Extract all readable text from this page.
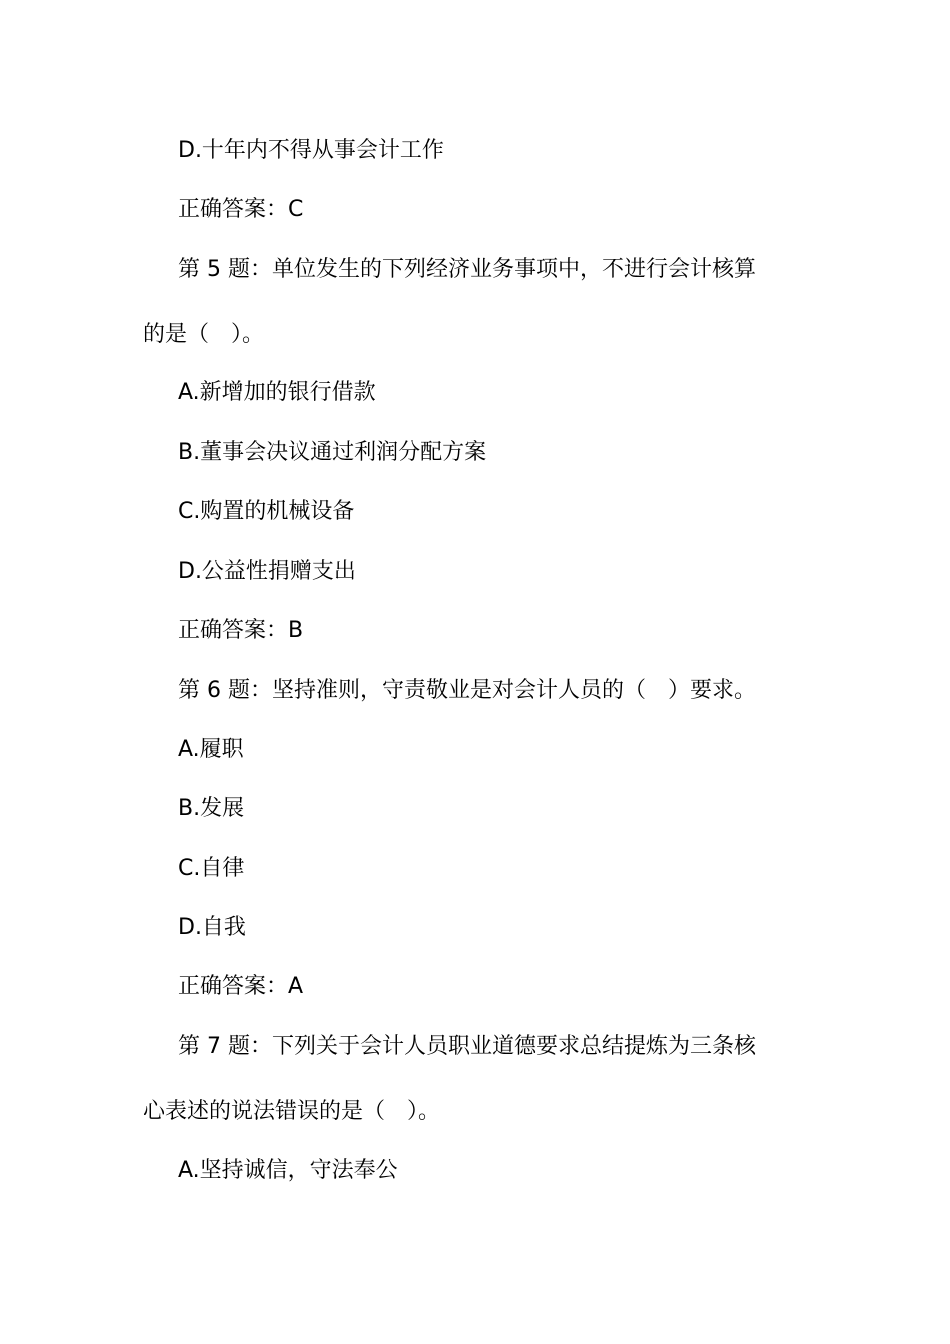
D.十年内不得从事会计工作
正确答案：C
第 5 题：单位发生的下列经济业务事项中，不进行会计核算
的是（　）。
A.新增加的银行借款
B.董事会决议通过利润分配方案
C.购置的机械设备
D.公益性捐赠支出
正确答案：B
第 6 题：坚持准则，守责敬业是对会计人员的（　）要求。
A.履职
B.发展
C.自律
D.自我
正确答案：A
第 7 题：下列关于会计人员职业道德要求总结提炼为三条核
心表述的说法错误的是（　）。
A.坚持诚信，守法奉公
